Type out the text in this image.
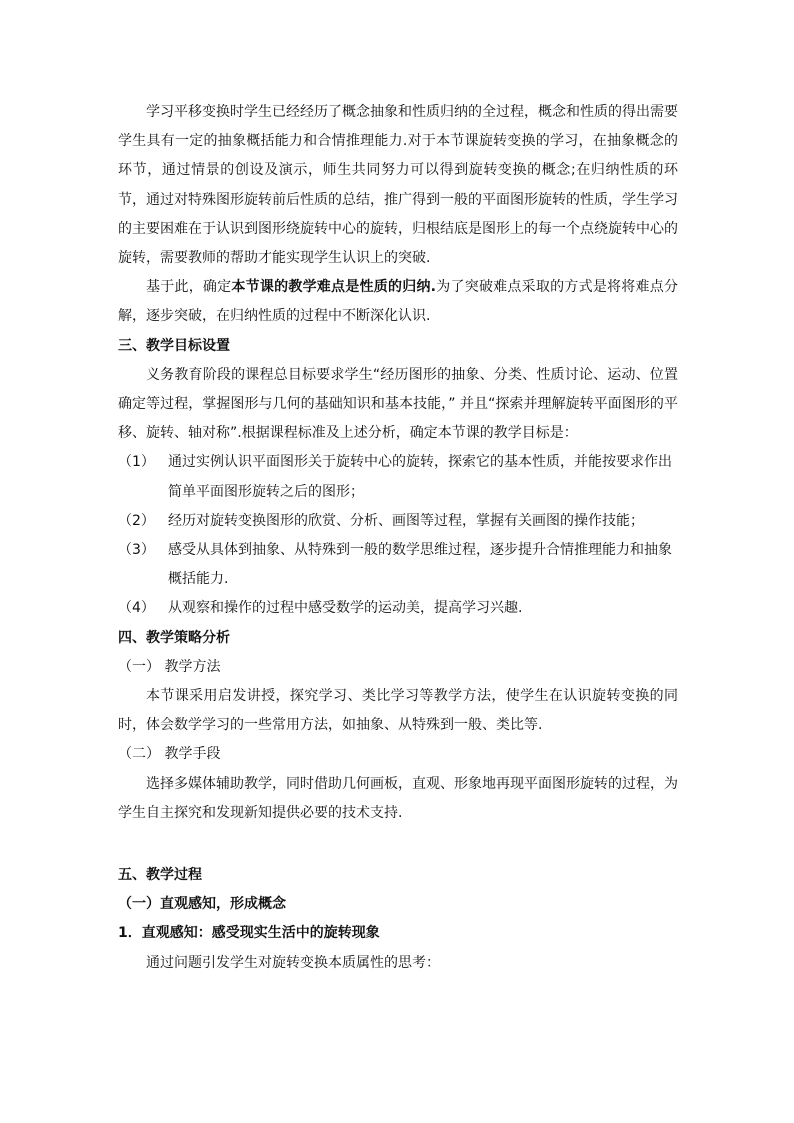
学习平移变换时学生已经经历了概念抽象和性质归纳的全过程，概念和性质的得出需要学生具有一定的抽象概括能力和合情推理能力.对于本节课旋转变换的学习，在抽象概念的环节，通过情景的创设及演示，师生共同努力可以得到旋转变换的概念;在归纳性质的环节，通过对特殊图形旋转前后性质的总结，推广得到一般的平面图形旋转的性质，学生学习的主要困难在于认识到图形绕旋转中心的旋转，归根结底是图形上的每一个点绕旋转中心的旋转，需要教师的帮助才能实现学生认识上的突破.

基于此，确定本节课的教学难点是性质的归纳.为了突破难点采取的方式是将将难点分解，逐步突破，在归纳性质的过程中不断深化认识.

三、教学目标设置

义务教育阶段的课程总目标要求学生“经历图形的抽象、分类、性质讨论、运动、位置确定等过程，掌握图形与几何的基础知识和基本技能，” 并且“探索并理解旋转平面图形的平移、旋转、轴对称”.根据课程标准及上述分析，确定本节课的教学目标是：

（1） 通过实例认识平面图形关于旋转中心的旋转，探索它的基本性质，并能按要求作出简单平面图形旋转之后的图形；
（2） 经历对旋转变换图形的欣赏、分析、画图等过程，掌握有关画图的操作技能；
（3） 感受从具体到抽象、从特殊到一般的数学思维过程，逐步提升合情推理能力和抽象概括能力.
（4） 从观察和操作的过程中感受数学的运动美，提高学习兴趣.

四、教学策略分析

（一） 教学方法

本节课采用启发讲授，探究学习、类比学习等教学方法，使学生在认识旋转变换的同时，体会数学学习的一些常用方法，如抽象、从特殊到一般、类比等.

（二） 教学手段

选择多媒体辅助教学，同时借助几何画板，直观、形象地再现平面图形旋转的过程，为学生自主探究和发现新知提供必要的技术支持.

五、教学过程

（一）直观感知，形成概念

1．直观感知：感受现实生活中的旋转现象

通过问题引发学生对旋转变换本质属性的思考：
